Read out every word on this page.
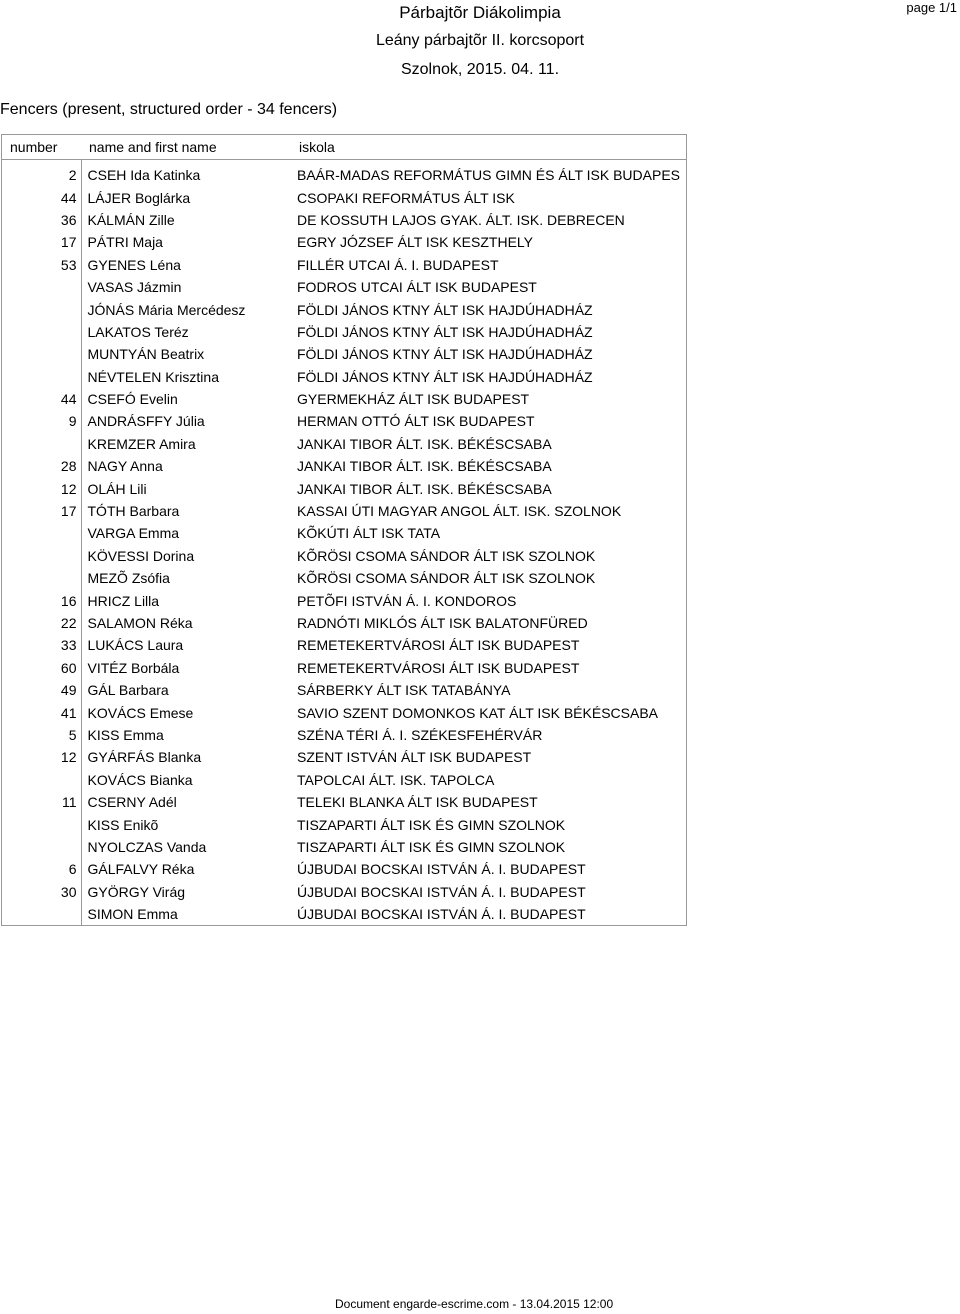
Párbajtõr Diákolimpia
Leány párbajtõr II. korcsoport
Szolnok, 2015. 04. 11.
page 1/1
Fencers (present, structured order - 34 fencers)
number	name and first name	iskola

2	CSEH Ida Katinka	BAÁR-MADAS REFORMÁTUS GIMN ÉS ÁLT ISK BUDAPES
44	LÁJER Boglárka	CSOPAKI REFORMÁTUS ÁLT ISK
36	KÁLMÁN Zille	DE KOSSUTH LAJOS GYAK. ÁLT. ISK. DEBRECEN
17	PÁTRI Maja	EGRY JÓZSEF ÁLT ISK KESZTHELY
53	GYENES Léna	FILLÉR UTCAI Á. I. BUDAPEST
	VASAS Jázmin	FODROS UTCAI ÁLT ISK BUDAPEST
	JÓNÁS Mária Mercédesz	FÖLDI JÁNOS KTNY ÁLT ISK HAJDÚHADHÁZ
	LAKATOS Teréz	FÖLDI JÁNOS KTNY ÁLT ISK HAJDÚHADHÁZ
	MUNTYÁN Beatrix	FÖLDI JÁNOS KTNY ÁLT ISK HAJDÚHADHÁZ
	NÉVTELEN Krisztina	FÖLDI JÁNOS KTNY ÁLT ISK HAJDÚHADHÁZ
44	CSEFÓ Evelin	GYERMEKHÁZ ÁLT ISK BUDAPEST
9	ANDRÁSFFY Júlia	HERMAN OTTÓ ÁLT ISK BUDAPEST
	KREMZER Amira	JANKAI TIBOR ÁLT. ISK. BÉKÉSCSABA
28	NAGY Anna	JANKAI TIBOR ÁLT. ISK. BÉKÉSCSABA
12	OLÁH Lili	JANKAI TIBOR ÁLT. ISK. BÉKÉSCSABA
17	TÓTH Barbara	KASSAI ÚTI MAGYAR ANGOL ÁLT. ISK. SZOLNOK
	VARGA Emma	KÕKÚTI ÁLT ISK TATA
	KÖVESSI Dorina	KÕRÖSI CSOMA SÁNDOR ÁLT ISK SZOLNOK
	MEZÕ Zsófia	KÕRÖSI CSOMA SÁNDOR ÁLT ISK SZOLNOK
16	HRICZ Lilla	PETÕFI ISTVÁN Á. I. KONDOROS
22	SALAMON Réka	RADNÓTI MIKLÓS ÁLT ISK BALATONFÜRED
33	LUKÁCS Laura	REMETEKERTVÁROSI ÁLT ISK BUDAPEST
60	VITÉZ Borbála	REMETEKERTVÁROSI ÁLT ISK BUDAPEST
49	GÁL Barbara	SÁRBERKY ÁLT ISK TATABÁNYA
41	KOVÁCS Emese	SAVIO SZENT DOMONKOS KAT ÁLT ISK BÉKÉSCSABA
5	KISS Emma	SZÉNA TÉRI Á. I. SZÉKESFEHÉRVÁR
12	GYÁRFÁS Blanka	SZENT ISTVÁN ÁLT ISK BUDAPEST
	KOVÁCS Bianka	TAPOLCAI ÁLT. ISK. TAPOLCA
11	CSERNY Adél	TELEKI BLANKA ÁLT ISK BUDAPEST
	KISS Enikõ	TISZAPARTI ÁLT ISK ÉS GIMN SZOLNOK
	NYOLCZAS Vanda	TISZAPARTI ÁLT ISK ÉS GIMN SZOLNOK
6	GÁLFALVY Réka	ÚJBUDAI BOCSKAI ISTVÁN Á. I. BUDAPEST
30	GYÖRGY Virág	ÚJBUDAI BOCSKAI ISTVÁN Á. I. BUDAPEST
	SIMON Emma	ÚJBUDAI BOCSKAI ISTVÁN Á. I. BUDAPEST
Document engarde-escrime.com - 13.04.2015 12:00
